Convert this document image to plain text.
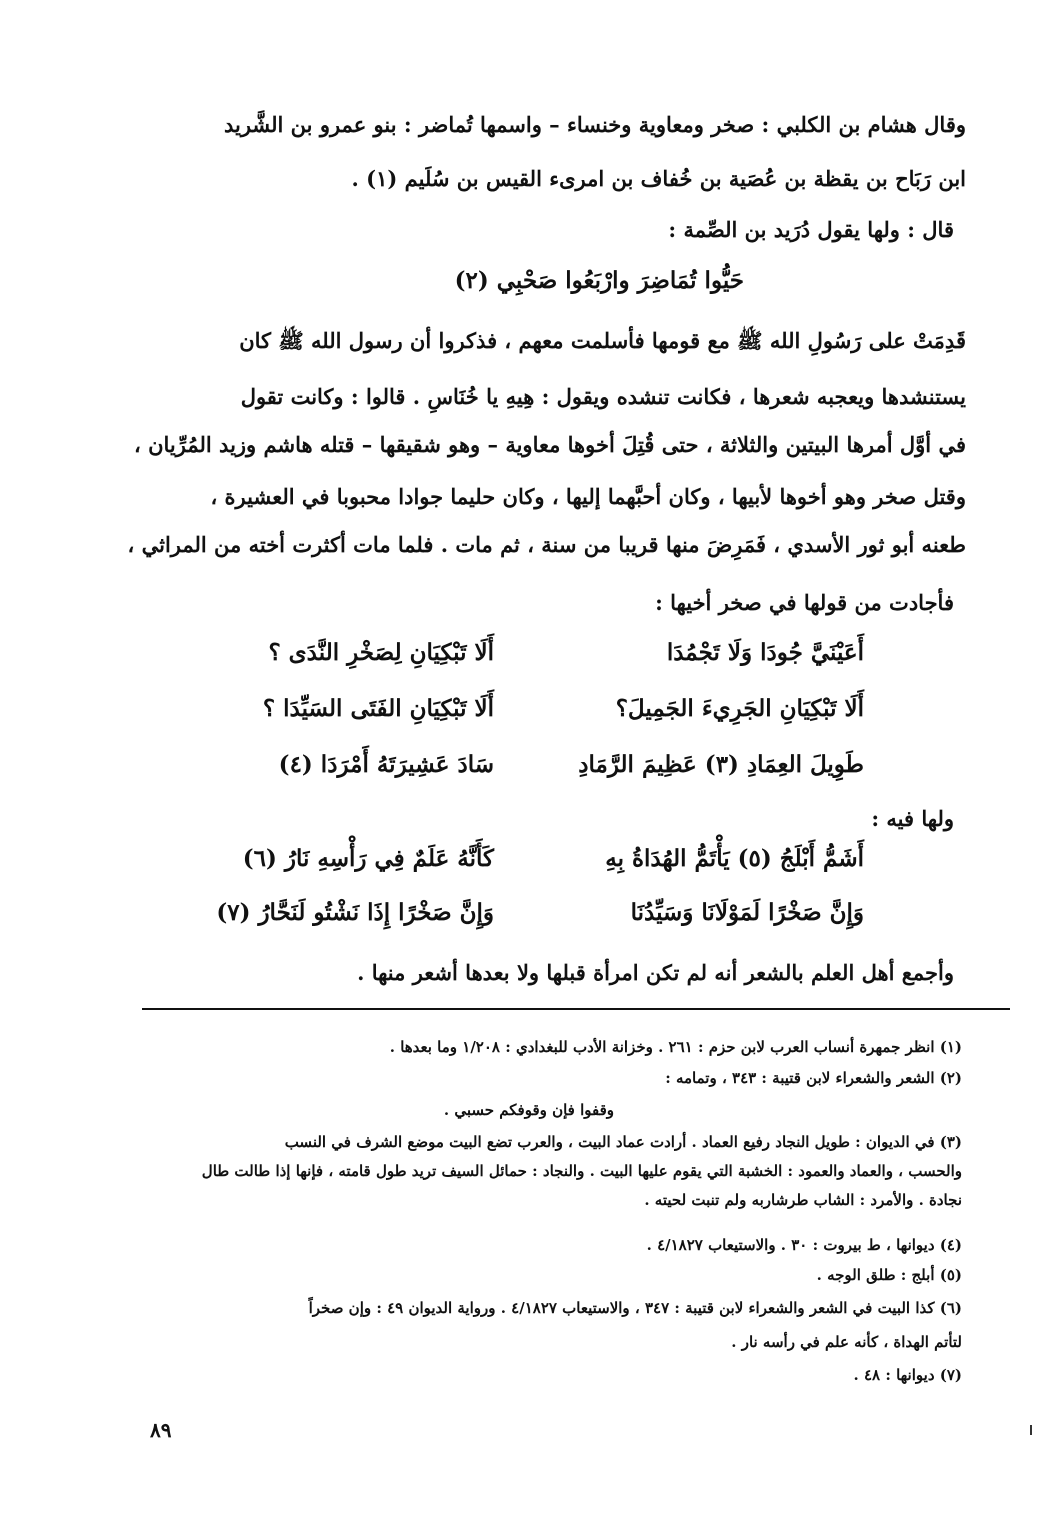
وقال هشام بن الكلبي : صخر ومعاوية وخنساء – واسمها تُماضر : بنو عمرو بن الشَّريد
ابن رَبَاح بن يقظة بن عُصَية بن خُفاف بن امرىء القيس بن سُلَيم (١) .
قال : ولها يقول دُرَيد بن الصِّمة :
حَيُّوا تُمَاضِرَ وارْبَعُوا صَحْبِي (٢)
قَدِمَتْ على رَسُولِ الله ﷺ مع قومها فأسلمت معهم ، فذكروا أن رسول الله ﷺ كان
يستنشدها ويعجبه شعرها ، فكانت تنشده ويقول : هِيهِ يا خُنَاسِ . قالوا : وكانت تقول
في أوَّل أمرها البيتين والثلاثة ، حتى قُتِلَ أخوها معاوية – وهو شقيقها – قتله هاشم وزيد المُرِّيان ،
وقتل صخر وهو أخوها لأبيها ، وكان أحبَّهما إليها ، وكان حليما جوادا محبوبا في العشيرة ،
طعنه أبو ثور الأسدي ، فَمَرِضَ منها قريبا من سنة ، ثم مات . فلما مات أكثرت أخته من المراثي ،
فأجادت من قولها في صخر أخيها :
أَعَيْنَيَّ جُودَا وَلَا تَجْمُدَا
أَلَا تَبْكِيَانِ لِصَخْرِ النَّدَى ؟
أَلَا تَبْكِيَانِ الجَرِيءَ الجَمِيلَ؟
أَلَا تَبْكِيَانِ الفَتَى السَيِّدَا ؟
طَوِيلَ العِمَادِ (٣) عَظِيمَ الرَّمَادِ
سَادَ عَشِيرَتَهُ أَمْرَدَا (٤)
ولها فيه :
أَشَمُّ أَبْلَجُ (٥) يَأْتَمُّ الهُدَاةُ بِهِ
كَأَنَّهُ عَلَمٌ فِي رَأْسِهِ نَارُ (٦)
وَإِنَّ صَخْرًا لَمَوْلَانَا وَسَيِّدُنَا
وَإِنَّ صَخْرًا إِذَا نَشْتُو لَنَحَّارُ (٧)
وأجمع أهل العلم بالشعر أنه لم تكن امرأة قبلها ولا بعدها أشعر منها .
(١) انظر جمهرة أنساب العرب لابن حزم : ٢٦١ . وخزانة الأدب للبغدادي : ١/٢٠٨ وما بعدها .
(٢) الشعر والشعراء لابن قتيبة : ٣٤٣ ، وتمامه :
وقفوا فإن وقوفكم حسبي .
(٣) في الديوان : طويل النجاد رفيع العماد . أرادت عماد البيت ، والعرب تضع البيت موضع الشرف في النسب
والحسب ، والعماد والعمود : الخشبة التي يقوم عليها البيت . والنجاد : حمائل السيف تريد طول قامته ، فإنها إذا طالت طال
نجادة . والأمرد : الشاب طرشاربه ولم تنبت لحيته .
(٤) ديوانها ، ط بيروت : ٣٠ . والاستيعاب ٤/١٨٢٧ .
(٥) أبلج : طلق الوجه .
(٦) كذا البيت في الشعر والشعراء لابن قتيبة : ٣٤٧ ، والاستيعاب ٤/١٨٢٧ . ورواية الديوان ٤٩ : وإن صخراً
لتأتم الهداة ، كأنه علم في رأسه نار .
(٧) ديوانها : ٤٨ .
٨٩
